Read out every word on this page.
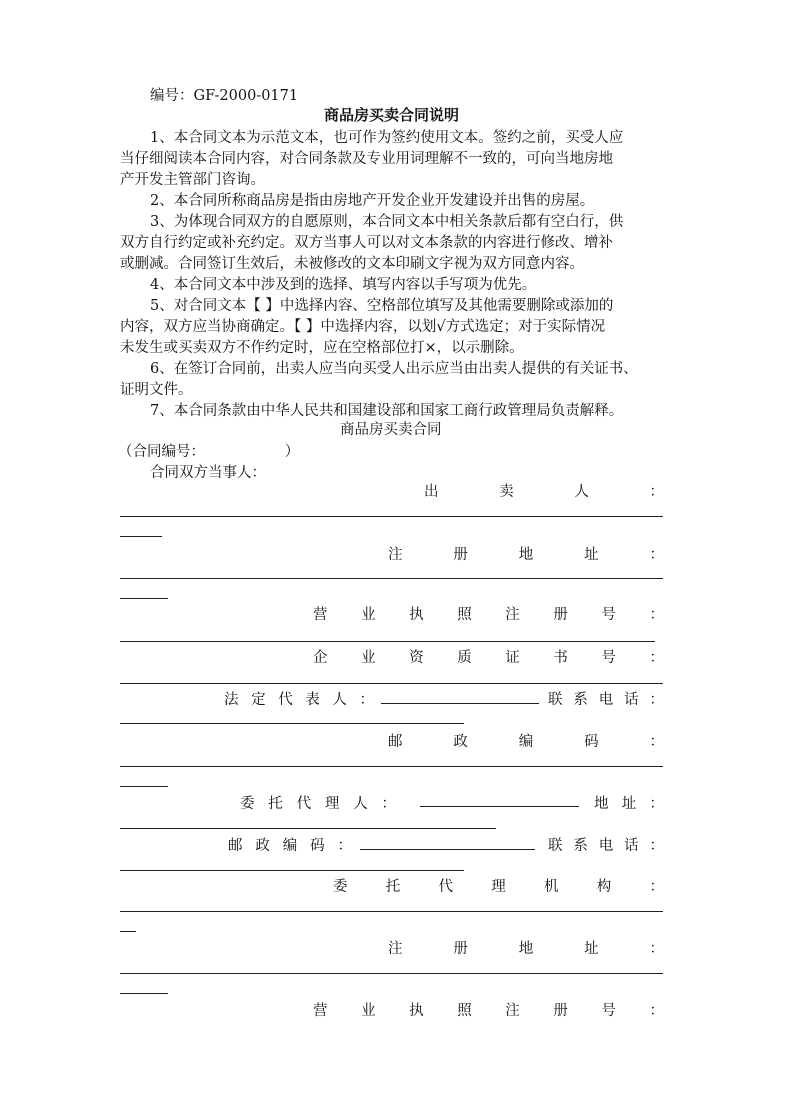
编号：GF-2000-0171
商品房买卖合同说明
1、本合同文本为示范文本，也可作为签约使用文本。签约之前，买受人应
当仔细阅读本合同内容，对合同条款及专业用词理解不一致的，可向当地房地
产开发主管部门咨询。
2、本合同所称商品房是指由房地产开发企业开发建设并出售的房屋。
3、为体现合同双方的自愿原则，本合同文本中相关条款后都有空白行，供
双方自行约定或补充约定。双方当事人可以对文本条款的内容进行修改、增补
或删减。合同签订生效后，未被修改的文本印刷文字视为双方同意内容。
4、本合同文本中涉及到的选择、填写内容以手写项为优先。
5、对合同文本【 】中选择内容、空格部位填写及其他需要删除或添加的
内容，双方应当协商确定。【 】中选择内容，以划√方式选定；对于实际情况
未发生或买卖双方不作约定时，应在空格部位打×，以示删除。
6、在签订合同前，出卖人应当向买受人出示应当由出卖人提供的有关证书、
证明文件。
7、本合同条款由中华人民共和国建设部和国家工商行政管理局负责解释。
商品房买卖合同
（合同编号：　　　　　　）
合同双方当事人：
出	卖	人	：
注	册	地	址	：
营 业 执 照 注 册 号 ：
企 业 资 质 证 书 号 ：
法 定 代 表 人 ：	联 系 电 话 ：
邮	政	编	码	：
委 托 代 理 人 ：	地 址 ：
邮 政 编 码 ：	联 系 电 话 ：
委	托	代	理	机	构	：
注	册	地	址	：
营 业 执 照 注 册 号 ：
